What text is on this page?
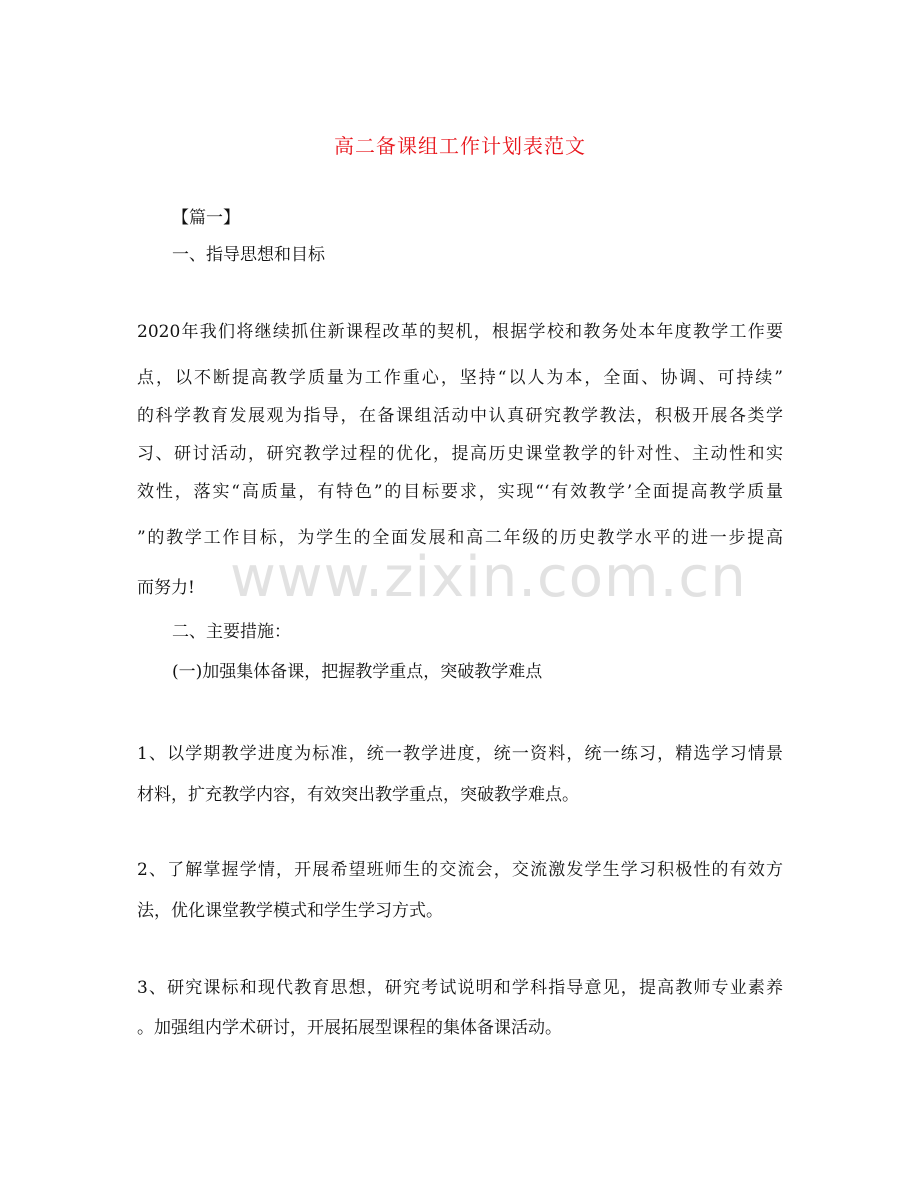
高二备课组工作计划表范文
【篇一】
一、指导思想和目标
2020年我们将继续抓住新课程改革的契机，根据学校和教务处本年度教学工作要
点，以不断提高教学质量为工作重心，坚持“以人为本，全面、协调、可持续”
的科学教育发展观为指导，在备课组活动中认真研究教学教法，积极开展各类学
习、研讨活动，研究教学过程的优化，提高历史课堂教学的针对性、主动性和实
效性，落实“高质量，有特色”的目标要求，实现“‘有效教学’全面提高教学质量
”的教学工作目标，为学生的全面发展和高二年级的历史教学水平的进一步提高
而努力!
二、主要措施：
(一)加强集体备课，把握教学重点，突破教学难点
1、以学期教学进度为标准，统一教学进度，统一资料，统一练习，精选学习情景
材料，扩充教学内容，有效突出教学重点，突破教学难点。
2、了解掌握学情，开展希望班师生的交流会，交流激发学生学习积极性的有效方
法，优化课堂教学模式和学生学习方式。
3、研究课标和现代教育思想，研究考试说明和学科指导意见，提高教师专业素养
。加强组内学术研讨，开展拓展型课程的集体备课活动。
www.zixin.com.cn
